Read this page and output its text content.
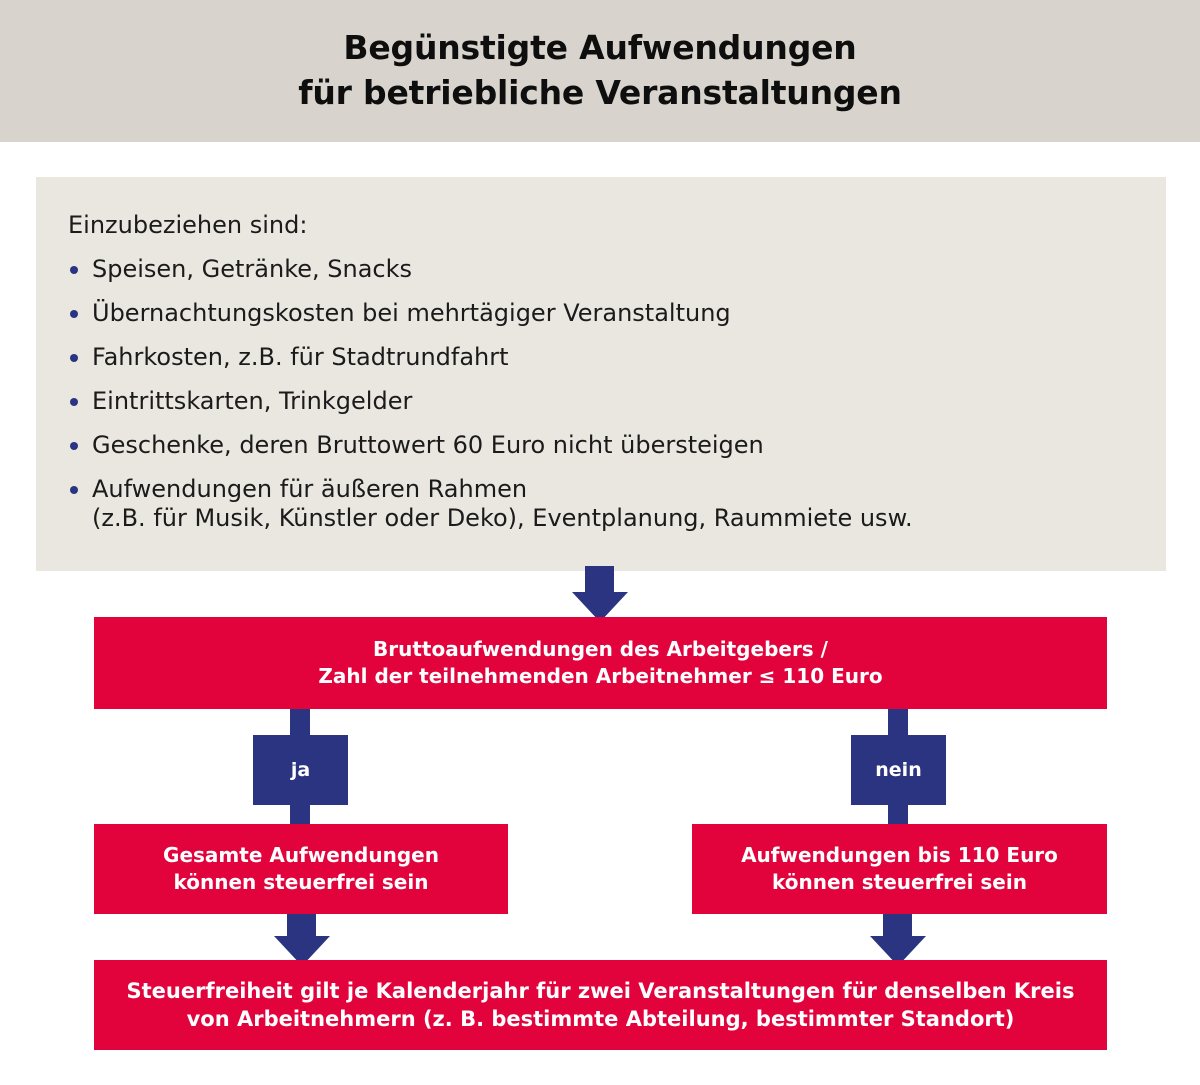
Begünstigte Aufwendungen
für betriebliche Veranstaltungen
Einzubeziehen sind:
Speisen, Getränke, Snacks
Übernachtungskosten bei mehrtägiger Veranstaltung
Fahrkosten, z.B. für Stadtrundfahrt
Eintrittskarten, Trinkgelder
Geschenke, deren Bruttowert 60 Euro nicht übersteigen
Aufwendungen für äußeren Rahmen
(z.B. für Musik, Künstler oder Deko), Eventplanung, Raummiete usw.
Bruttoaufwendungen des Arbeitgebers /
Zahl der teilnehmenden Arbeitnehmer ≤ 110 Euro
ja	nein
Gesamte Aufwendungen
können steuerfrei sein
Aufwendungen bis 110 Euro
können steuerfrei sein
Steuerfreiheit gilt je Kalenderjahr für zwei Veranstaltungen für denselben Kreis
von Arbeitnehmern (z. B. bestimmte Abteilung, bestimmter Standort)
